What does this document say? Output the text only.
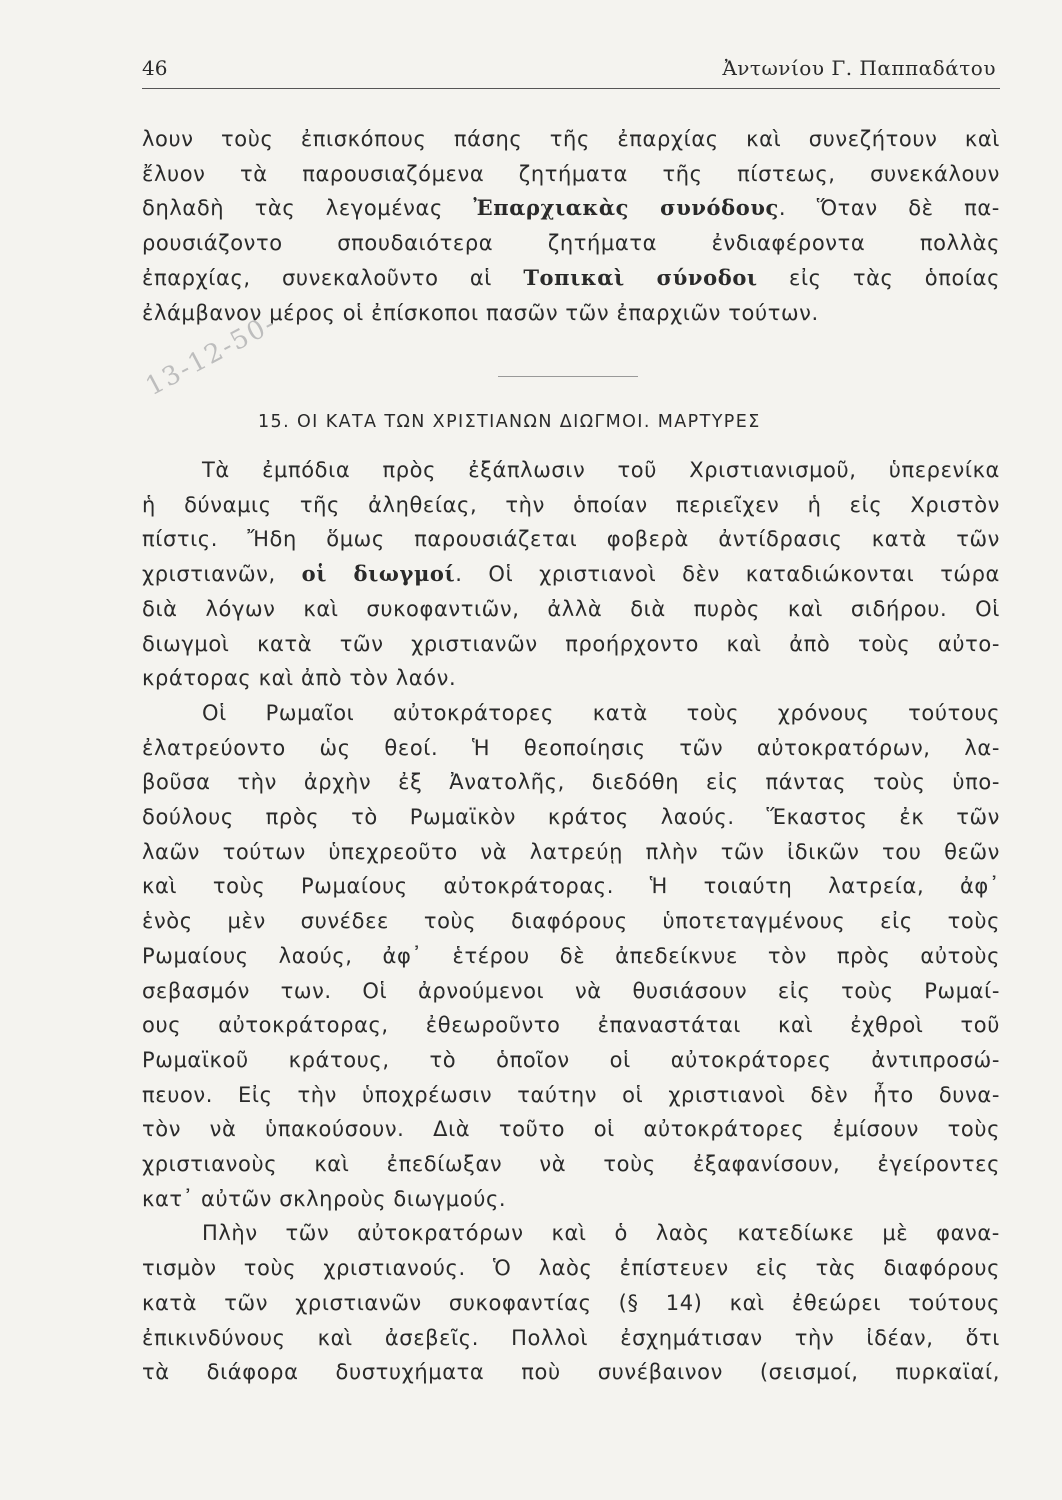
46	Ἀντωνίου Γ. Παππαδάτου
λουν τοὺς ἐπισκόπους πάσης τῆς ἐπαρχίας καὶ συνεζήτουν καὶ
ἔλυον τὰ παρουσιαζόμενα ζητήματα τῆς πίστεως, συνεκάλουν
δηλαδὴ τὰς λεγομένας Ἐπαρχιακὰς συνόδους. Ὅταν δὲ πα-
ρουσιάζοντο σπουδαιότερα ζητήματα ἐνδιαφέροντα πολλὰς
ἐπαρχίας, συνεκαλοῦντο αἱ Τοπικαὶ σύνοδοι εἰς τὰς ὁποίας
ἐλάμβανον μέρος οἱ ἐπίσκοποι πασῶν τῶν ἐπαρχιῶν τούτων.
13-12-50-
15. ΟΙ ΚΑΤΑ ΤΩΝ ΧΡΙΣΤΙΑΝΩΝ ΔΙΩΓΜΟΙ. ΜΑΡΤΥΡΕΣ

Τὰ ἐμπόδια πρὸς ἐξάπλωσιν τοῦ Χριστιανισμοῦ, ὑπερενίκα
ἡ δύναμις τῆς ἀληθείας, τὴν ὁποίαν περιεῖχεν ἡ εἰς Χριστὸν
πίστις. Ἤδη ὅμως παρουσιάζεται φοβερὰ ἀντίδρασις κατὰ τῶν
χριστιανῶν, οἱ διωγμοί. Οἱ χριστιανοὶ δὲν καταδιώκονται τώρα
διὰ λόγων καὶ συκοφαντιῶν, ἀλλὰ διὰ πυρὸς καὶ σιδήρου. Οἱ
διωγμοὶ κατὰ τῶν χριστιανῶν προήρχοντο καὶ ἀπὸ τοὺς αὐτο-
κράτορας καὶ ἀπὸ τὸν λαόν.

Οἱ Ρωμαῖοι αὐτοκράτορες κατὰ τοὺς χρόνους τούτους
ἐλατρεύοντο ὡς θεοί. Ἡ θεοποίησις τῶν αὐτοκρατόρων, λα-
βοῦσα τὴν ἀρχὴν ἐξ Ἀνατολῆς, διεδόθη εἰς πάντας τοὺς ὑπο-
δούλους πρὸς τὸ Ρωμαϊκὸν κράτος λαούς. Ἕκαστος ἐκ τῶν
λαῶν τούτων ὑπεχρεοῦτο νὰ λατρεύῃ πλὴν τῶν ἰδικῶν του θεῶν
καὶ τοὺς Ρωμαίους αὐτοκράτορας. Ἡ τοιαύτη λατρεία, ἀφ᾽
ἑνὸς μὲν συνέδεε τοὺς διαφόρους ὑποτεταγμένους εἰς τοὺς
Ρωμαίους λαούς, ἀφ᾽ ἑτέρου δὲ ἀπεδείκνυε τὸν πρὸς αὐτοὺς
σεβασμόν των. Οἱ ἀρνούμενοι νὰ θυσιάσουν εἰς τοὺς Ρωμαί-
ους αὐτοκράτορας, ἐθεωροῦντο ἐπαναστάται καὶ ἐχθροὶ τοῦ
Ρωμαϊκοῦ κράτους, τὸ ὁποῖον οἱ αὐτοκράτορες ἀντιπροσώ-
πευον. Εἰς τὴν ὑποχρέωσιν ταύτην οἱ χριστιανοὶ δὲν ἦτο δυνα-
τὸν νὰ ὑπακούσουν. Διὰ τοῦτο οἱ αὐτοκράτορες ἐμίσουν τοὺς
χριστιανοὺς καὶ ἐπεδίωξαν νὰ τοὺς ἐξαφανίσουν, ἐγείροντες
κατ᾽ αὐτῶν σκληροὺς διωγμούς.

Πλὴν τῶν αὐτοκρατόρων καὶ ὁ λαὸς κατεδίωκε μὲ φανα-
τισμὸν τοὺς χριστιανούς. Ὁ λαὸς ἐπίστευεν εἰς τὰς διαφόρους
κατὰ τῶν χριστιανῶν συκοφαντίας (§ 14) καὶ ἐθεώρει τούτους
ἐπικινδύνους καὶ ἀσεβεῖς. Πολλοὶ ἐσχημάτισαν τὴν ἰδέαν, ὅτι
τὰ διάφορα δυστυχήματα ποὺ συνέβαινον (σεισμοί, πυρκαϊαί,
